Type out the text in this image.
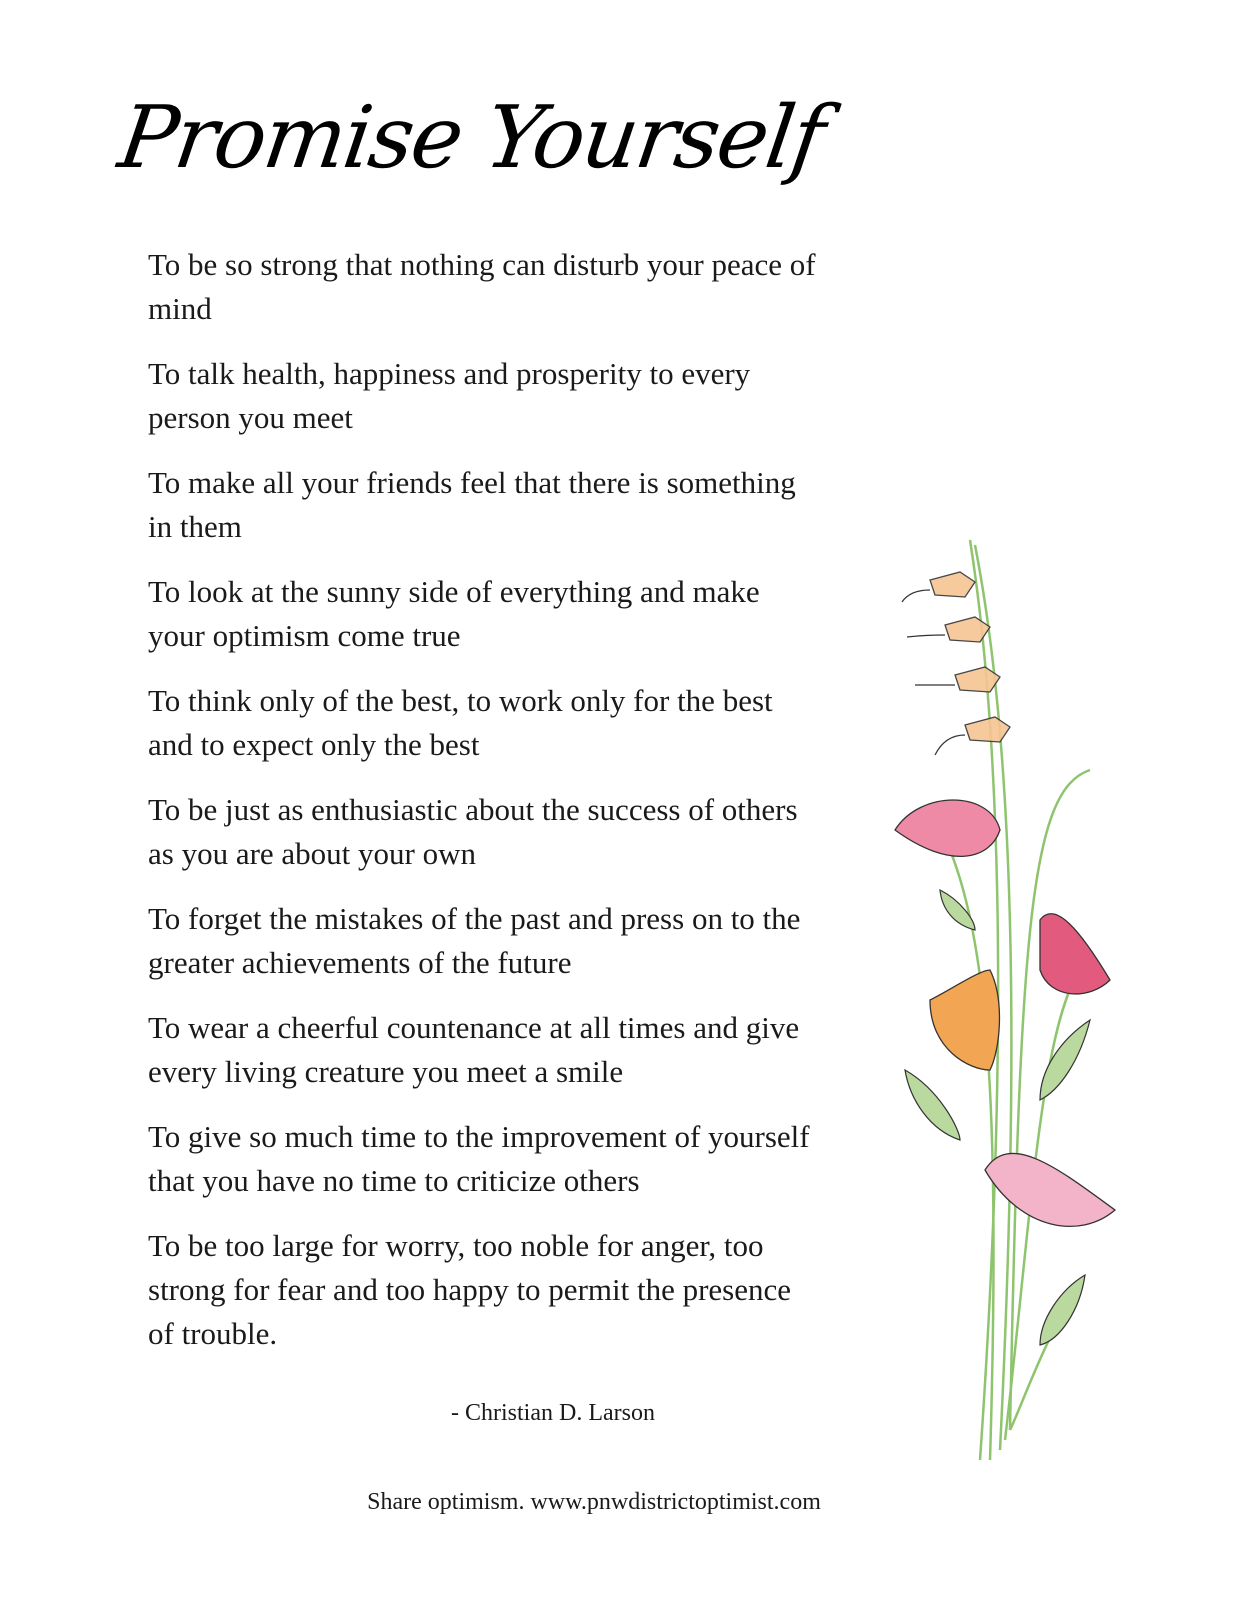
Promise Yourself
To be so strong that nothing can disturb your peace of
mind
To talk health, happiness and prosperity to every
person you meet
To make all your friends feel that there is something
in them
To look at the sunny side of everything and make
your optimism come true
To think only of the best, to work only for the best
and to expect only the best
To be just as enthusiastic about the success of others
as you are about your own
To forget the mistakes of the past and press on to the
greater achievements of the future
To wear a cheerful countenance at all times and give
every living creature you meet a smile
To give so much time to the improvement of yourself
that you have no time to criticize others
To be too large for worry, too noble for anger, too
strong for fear and too happy to permit the presence
of trouble.
- Christian D. Larson
Share optimism. www.pnwdistrictoptimist.com
